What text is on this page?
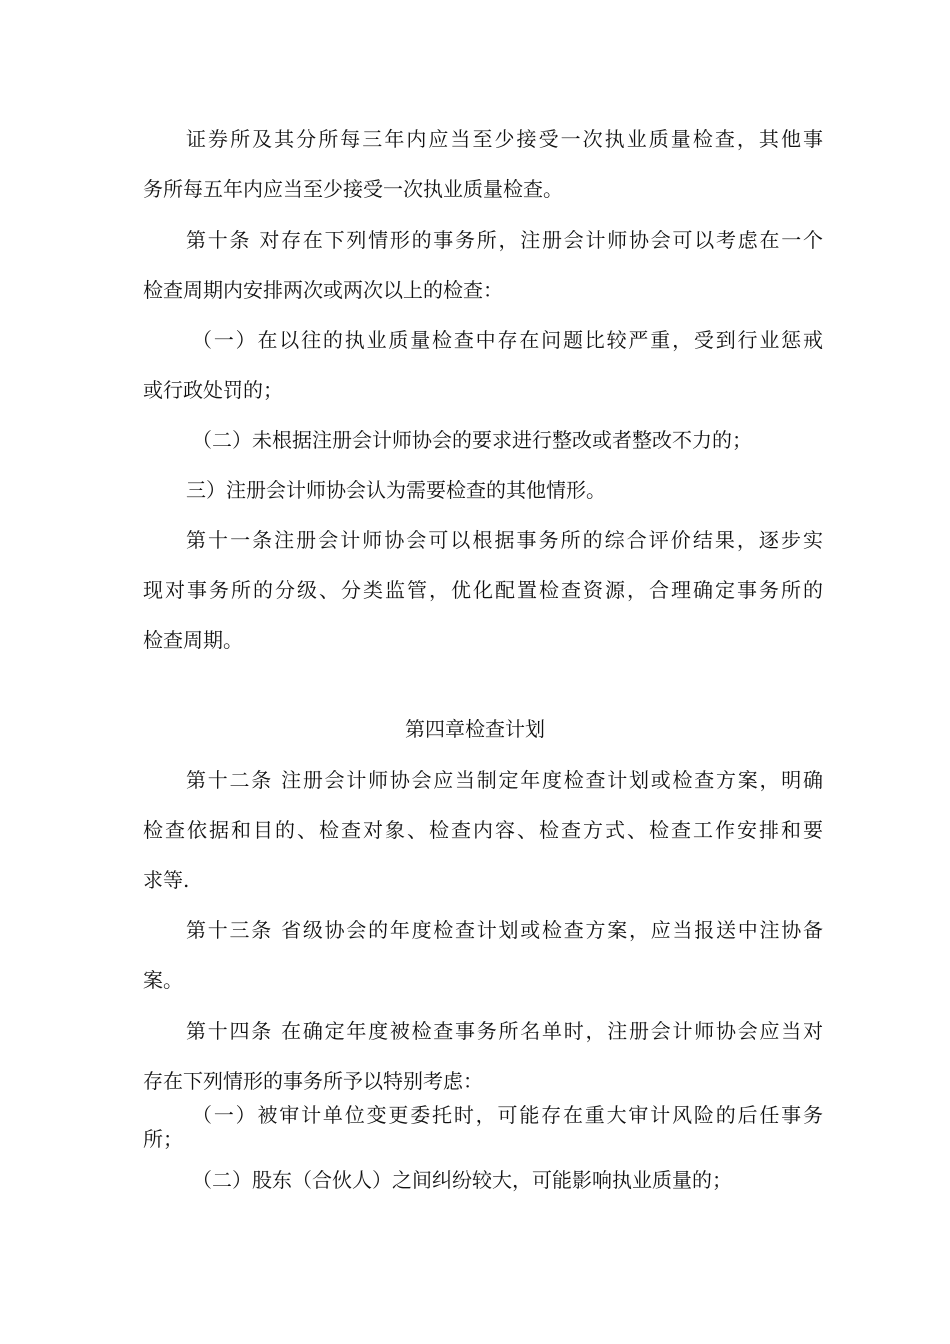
证券所及其分所每三年内应当至少接受一次执业质量检查，其他事
务所每五年内应当至少接受一次执业质量检查。
第十条 对存在下列情形的事务所，注册会计师协会可以考虑在一个
检查周期内安排两次或两次以上的检查：
（一）在以往的执业质量检查中存在问题比较严重，受到行业惩戒
或行政处罚的；
（二）未根据注册会计师协会的要求进行整改或者整改不力的；
三）注册会计师协会认为需要检查的其他情形。
第十一条注册会计师协会可以根据事务所的综合评价结果，逐步实
现对事务所的分级、分类监管，优化配置检查资源，合理确定事务所的
检查周期。
第四章检查计划
第十二条 注册会计师协会应当制定年度检查计划或检查方案，明确
检查依据和目的、检查对象、检查内容、检查方式、检查工作安排和要
求等.
第十三条 省级协会的年度检查计划或检查方案，应当报送中注协备
案。
第十四条 在确定年度被检查事务所名单时，注册会计师协会应当对
存在下列情形的事务所予以特别考虑：
（一）被审计单位变更委托时，可能存在重大审计风险的后任事务
所；
（二）股东（合伙人）之间纠纷较大，可能影响执业质量的；
